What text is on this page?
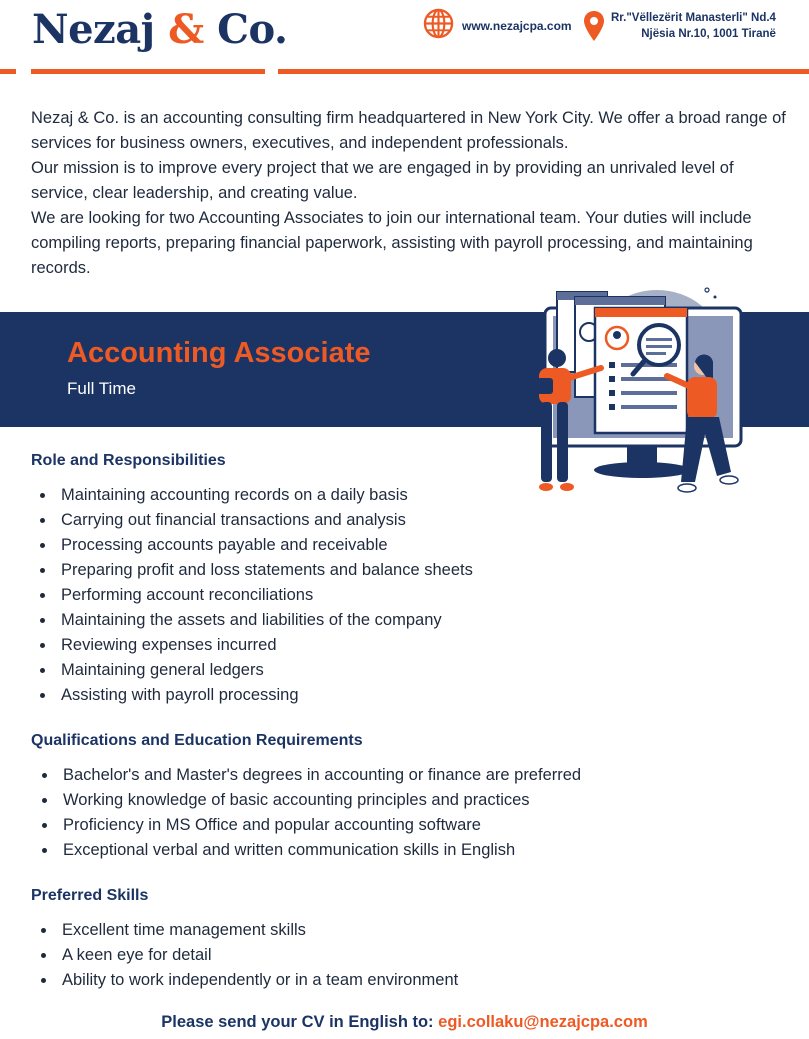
Nezaj & Co.	www.nezajcpa.com
Rr."Vëllezërit Manasterli" Nd.4
Njësia Nr.10, 1001 Tiranë

Nezaj & Co. is an accounting consulting firm headquartered in New York City. We offer a broad range of services for business owners, executives, and independent professionals.

Our mission is to improve every project that we are engaged in by providing an unrivaled level of service, clear leadership, and creating value.

We are looking for two Accounting Associates to join our international team. Your duties will include compiling reports, preparing financial paperwork, assisting with payroll processing, and maintaining records.

Accounting Associate
Full Time
Role and Responsibilities
Maintaining accounting records on a daily basis
Carrying out financial transactions and analysis
Processing accounts payable and receivable
Preparing profit and loss statements and balance sheets
Performing account reconciliations
Maintaining the assets and liabilities of the company
Reviewing expenses incurred
Maintaining general ledgers
Assisting with payroll processing
Qualifications and Education Requirements
Bachelor's and Master's degrees in accounting or finance are preferred
Working knowledge of basic accounting principles and practices
Proficiency in MS Office and popular accounting software
Exceptional verbal and written communication skills in English
Preferred Skills
Excellent time management skills
A keen eye for detail
Ability to work independently or in a team environment
Please send your CV in English to: egi.collaku@nezajcpa.com
